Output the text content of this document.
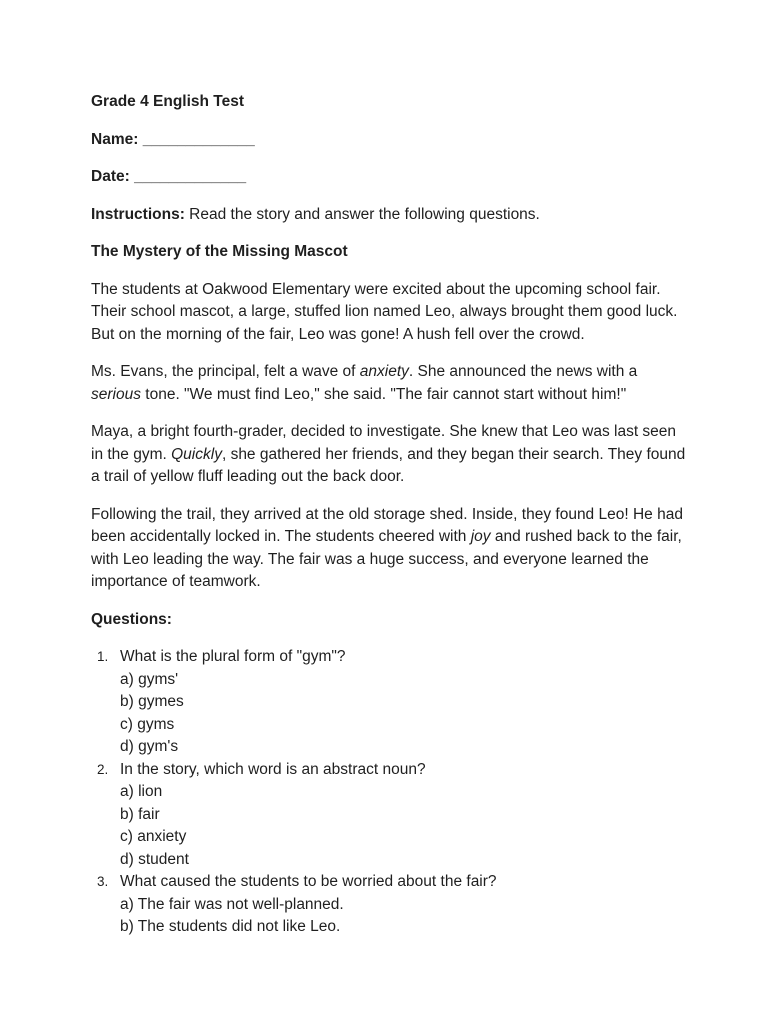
Grade 4 English Test
Name: _____________
Date: _____________

Instructions: Read the story and answer the following questions.

The Mystery of the Missing Mascot

The students at Oakwood Elementary were excited about the upcoming school fair. Their school mascot, a large, stuffed lion named Leo, always brought them good luck. But on the morning of the fair, Leo was gone! A hush fell over the crowd.

Ms. Evans, the principal, felt a wave of anxiety. She announced the news with a serious tone. "We must find Leo," she said. "The fair cannot start without him!"

Maya, a bright fourth-grader, decided to investigate. She knew that Leo was last seen in the gym. Quickly, she gathered her friends, and they began their search. They found a trail of yellow fluff leading out the back door.

Following the trail, they arrived at the old storage shed. Inside, they found Leo! He had been accidentally locked in. The students cheered with joy and rushed back to the fair, with Leo leading the way. The fair was a huge success, and everyone learned the importance of teamwork.

Questions:

1. What is the plural form of "gym"?
a) gyms'
b) gymes
c) gyms
d) gym's
2. In the story, which word is an abstract noun?
a) lion
b) fair
c) anxiety
d) student
3. What caused the students to be worried about the fair?
a) The fair was not well-planned.
b) The students did not like Leo.
